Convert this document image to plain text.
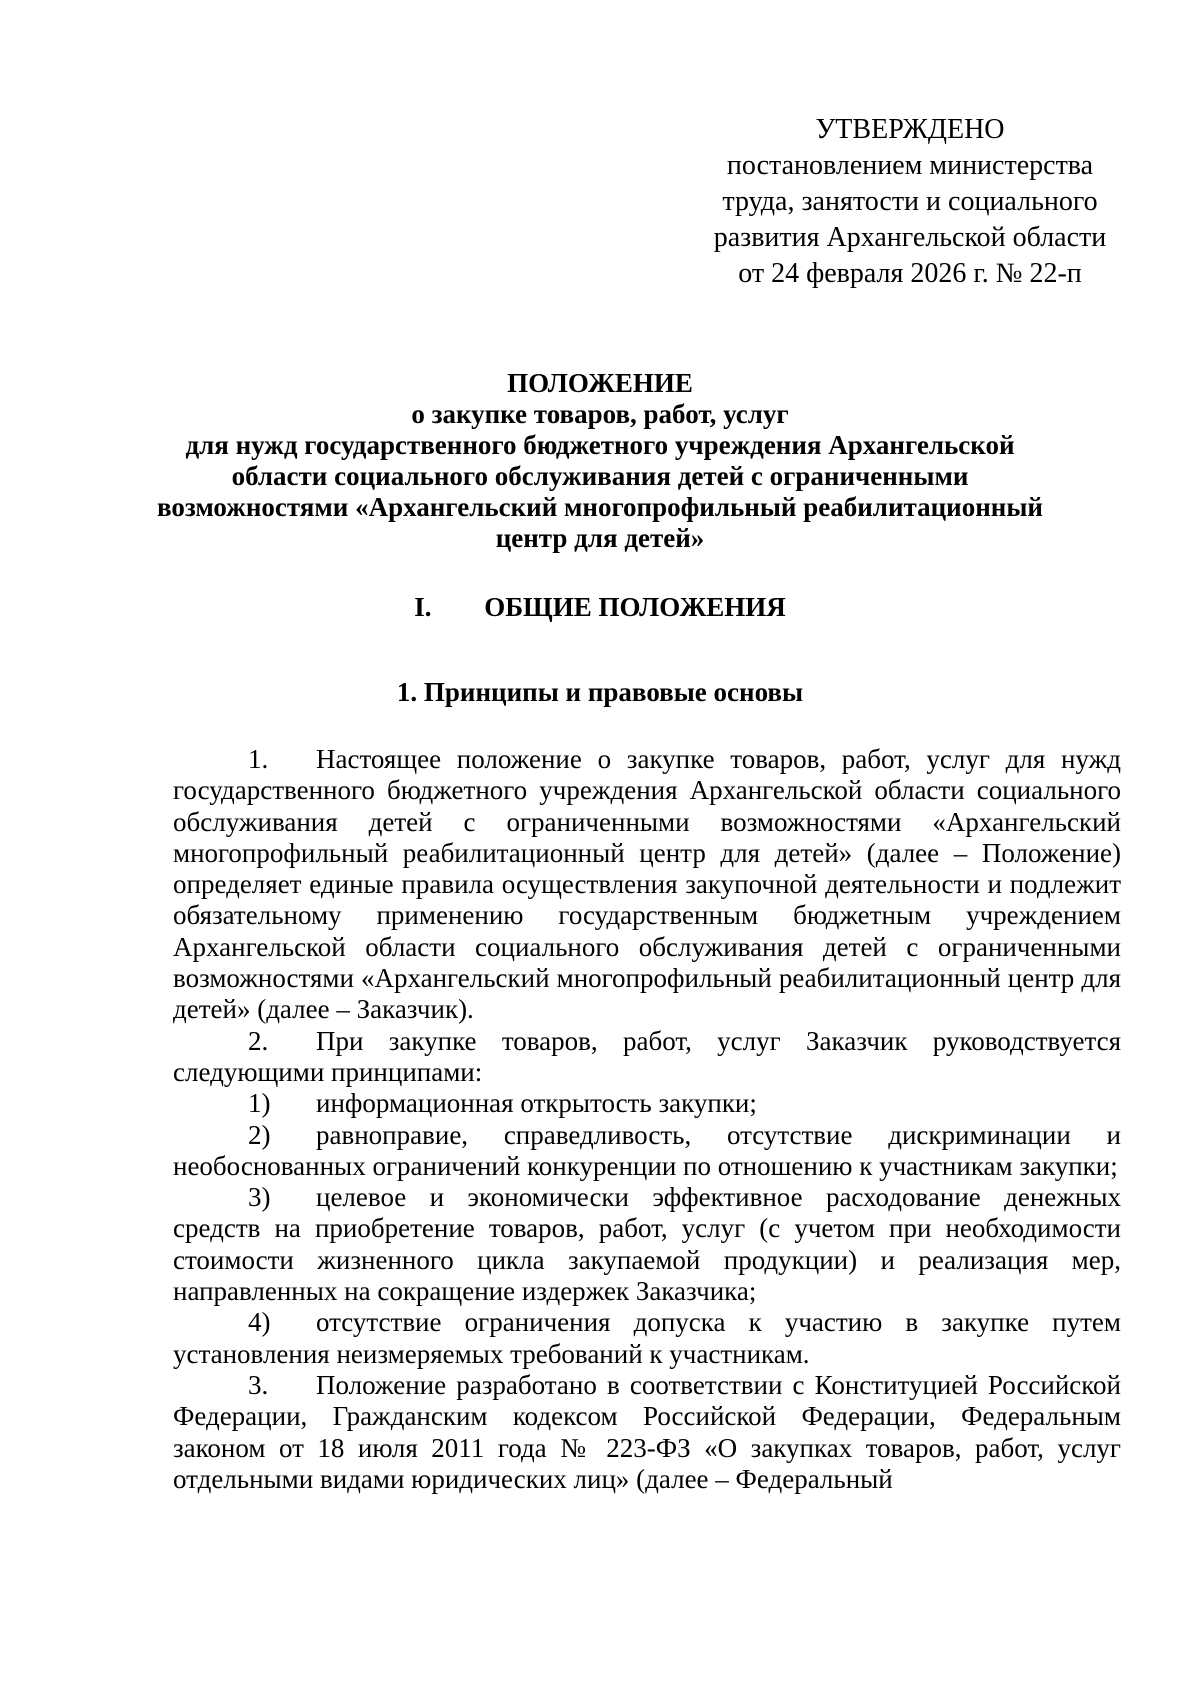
УТВЕРЖДЕНО
постановлением министерства
труда, занятости и социального
развития Архангельской области
от 24 февраля 2026 г. № 22-п
ПОЛОЖЕНИЕ
о закупке товаров, работ, услуг
для нужд государственного бюджетного учреждения Архангельской
области социального обслуживания детей с ограниченными
возможностями «Архангельский многопрофильный реабилитационный
центр для детей»
I. ОБЩИЕ ПОЛОЖЕНИЯ
1. Принципы и правовые основы

1. Настоящее положение о закупке товаров, работ, услуг для нужд государственного бюджетного учреждения Архангельской области социального обслуживания детей с ограниченными возможностями «Архангельский многопрофильный реабилитационный центр для детей» (далее – Положение) определяет единые правила осуществления закупочной деятельности и подлежит обязательному применению государственным бюджетным учреждением Архангельской области социального обслуживания детей с ограниченными возможностями «Архангельский многопрофильный реабилитационный центр для детей» (далее – Заказчик).

2. При закупке товаров, работ, услуг Заказчик руководствуется следующими принципами:

1) информационная открытость закупки;

2) равноправие, справедливость, отсутствие дискриминации и необоснованных ограничений конкуренции по отношению к участникам закупки;

3) целевое и экономически эффективное расходование денежных средств на приобретение товаров, работ, услуг (с учетом при необходимости стоимости жизненного цикла закупаемой продукции) и реализация мер, направленных на сокращение издержек Заказчика;

4) отсутствие ограничения допуска к участию в закупке путем установления неизмеряемых требований к участникам.

3. Положение разработано в соответствии с Конституцией Российской Федерации, Гражданским кодексом Российской Федерации, Федеральным законом от 18 июля 2011 года № 223-ФЗ «О закупках товаров, работ, услуг отдельными видами юридических лиц» (далее – Федеральный
